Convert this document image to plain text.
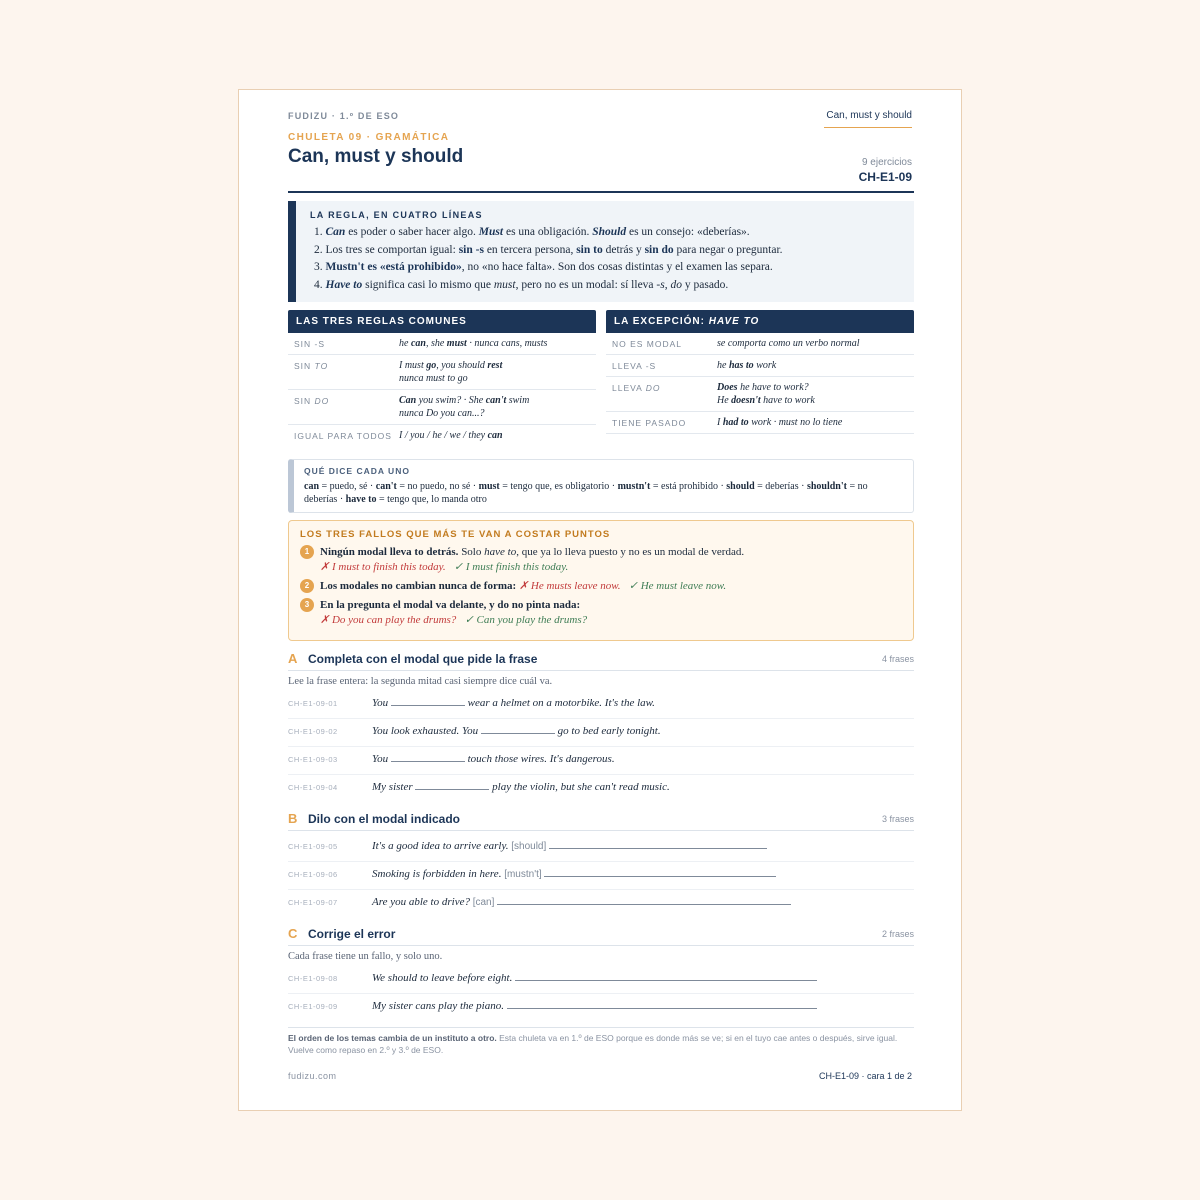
FUDIZU · 1.º DE ESO	Can, must y should
CHULETA 09 · GRAMÁTICA
Can, must y should	9 ejercicios
CH-E1-09
LA REGLA, EN CUATRO LÍNEAS
1. Can es poder o saber hacer algo. Must es una obligación. Should es un consejo: «deberías».
2. Los tres se comportan igual: sin -s en tercera persona, sin to detrás y sin do para negar o preguntar.
3. Mustn't es «está prohibido», no «no hace falta». Son dos cosas distintas y el examen las separa.
4. Have to significa casi lo mismo que must, pero no es un modal: sí lleva -s, do y pasado.
LAS TRES REGLAS COMUNES
SIN -S	he can, she must · nunca cans, musts
SIN TO	I must go, you should rest
nunca must to go
SIN DO	Can you swim? · She can't swim
nunca Do you can...?
IGUAL PARA TODOS I / you / he / we / they can
LA EXCEPCIÓN: HAVE TO
NO ES MODAL	se comporta como un verbo normal
LLEVA -S	he has to work
LLEVA DO	Does he have to work?
He doesn't have to work
TIENE PASADO	I had to work · must no lo tiene
QUÉ DICE CADA UNO

can = puedo, sé · can't = no puedo, no sé · must = tengo que, es obligatorio · mustn't = está prohibido · should = deberías · shouldn't = no deberías · have to = tengo que, lo manda otro

LOS TRES FALLOS QUE MÁS TE VAN A COSTAR PUNTOS
1 Ningún modal lleva to detrás. Solo have to, que ya lo lleva puesto y no es un modal de verdad.
✗ I must to finish this today. ✓ I must finish this today.
2 Los modales no cambian nunca de forma: ✗ He musts leave now. ✓ He must leave now.
3 En la pregunta el modal va delante, y do no pinta nada:
✗ Do you can play the drums? ✓ Can you play the drums?
A Completa con el modal que pide la frase	4 frases
Lee la frase entera: la segunda mitad casi siempre dice cuál va.
CH-E1-09-01	You	wear a helmet on a motorbike. It's the law.
CH-E1-09-02	You look exhausted. You	go to bed early tonight.
CH-E1-09-03	You	touch those wires. It's dangerous.
CH-E1-09-04	My sister	play the violin, but she can't read music.
B Dilo con el modal indicado	3 frases
CH-E1-09-05	It's a good idea to arrive early. [should]
CH-E1-09-06	Smoking is forbidden in here. [mustn't]
CH-E1-09-07	Are you able to drive? [can]
C Corrige el error	2 frases
Cada frase tiene un fallo, y solo uno.
CH-E1-09-08	We should to leave before eight.
CH-E1-09-09	My sister cans play the piano.
El orden de los temas cambia de un instituto a otro. Esta chuleta va en 1.º de ESO porque es donde más se ve; si en el tuyo cae antes o después, sirve igual. Vuelve como repaso en 2.º y 3.º de ESO.
fudizu.com	CH-E1-09 · cara 1 de 2
